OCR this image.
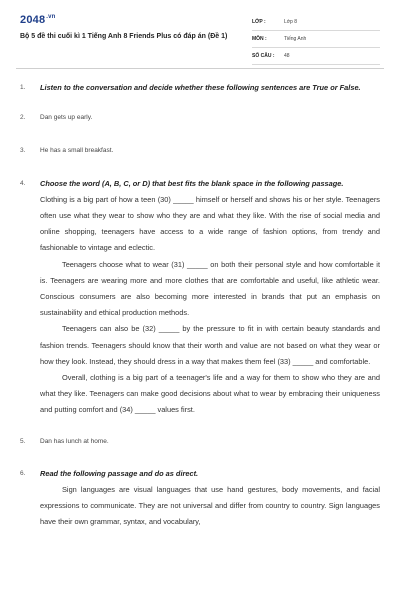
$2048^{.vn}$
Bộ 5 đề thi cuối kì 1 Tiếng Anh 8 Friends Plus có đáp án (Đề 1)
LỚP :	Lớp 8
MÔN :	Tiếng Anh
SỐ CÂU : 48
1. Listen to the conversation and decide whether these following sentences are True or False.
2. Dan gets up early.
3. He has a small breakfast.
4. Choose the word (A, B, C, or D) that best fits the blank space in the following passage.
Clothing is a big part of how a teen (30) _____ himself or herself and shows his or her style. Teenagers often use what they wear to show who they are and what they like. With the rise of social media and online shopping, teenagers have access to a wide range of fashion options, from trendy and fashionable to vintage and eclectic.
Teenagers choose what to wear (31) _____ on both their personal style and how comfortable it is. Teenagers are wearing more and more clothes that are comfortable and useful, like athletic wear. Conscious consumers are also becoming more interested in brands that put an emphasis on sustainability and ethical production methods.
Teenagers can also be (32) _____ by the pressure to fit in with certain beauty standards and fashion trends. Teenagers should know that their worth and value are not based on what they wear or how they look. Instead, they should dress in a way that makes them feel (33) _____ and comfortable.
Overall, clothing is a big part of a teenager's life and a way for them to show who they are and what they like. Teenagers can make good decisions about what to wear by embracing their uniqueness and putting comfort and (34) _____ values first.
5. Dan has lunch at home.
6. Read the following passage and do as direct.
Sign languages are visual languages that use hand gestures, body movements, and facial expressions to communicate. They are not universal and differ from country to country. Sign languages have their own grammar, syntax, and vocabulary,
